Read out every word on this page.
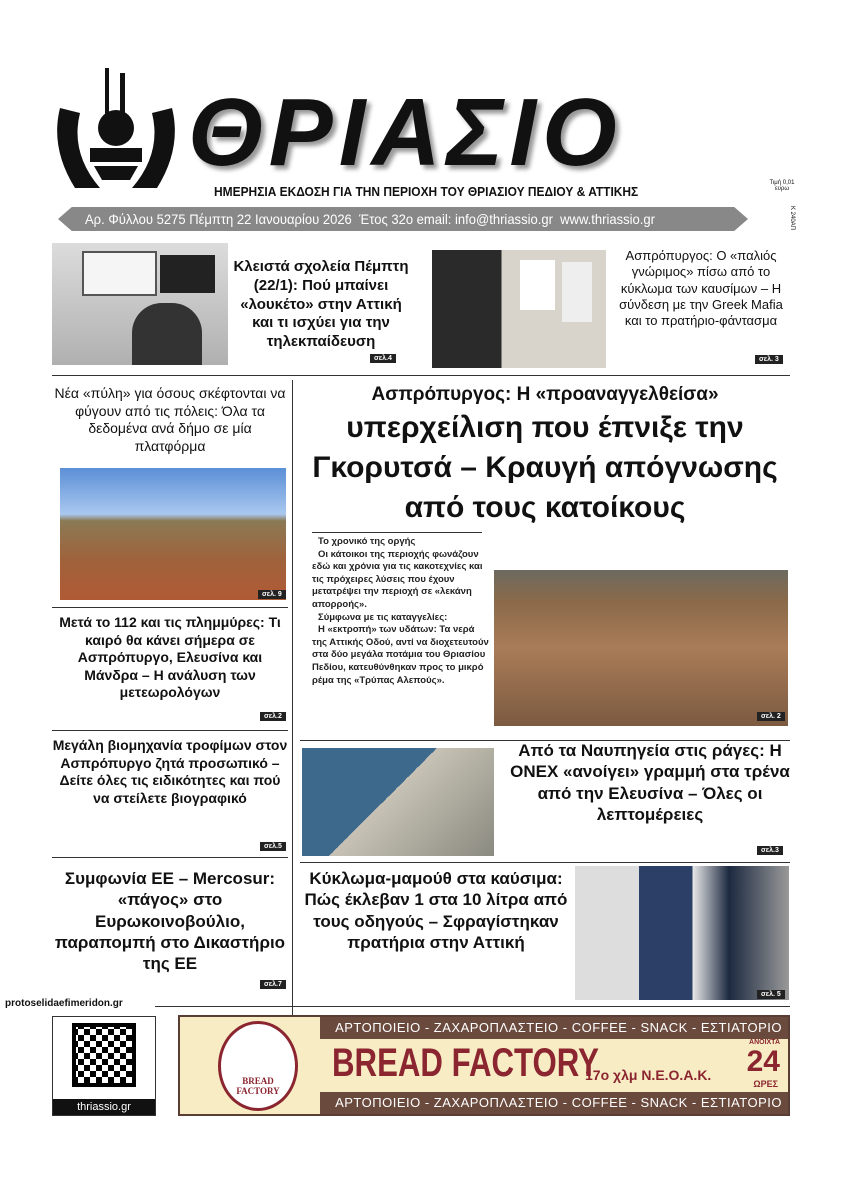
ΘΡΙΑΣΙΟ
ΗΜΕΡΗΣΙΑ ΕΚΔΟΣΗ ΓΙΑ ΤΗΝ ΠΕΡΙΟΧΗ ΤΟΥ ΘΡΙΑΣΙΟΥ ΠΕΔΙΟΥ & ΑΤΤΙΚΗΣ
Τιμή 0,01 ευρω
Κ 240ΑΠ
Αρ. Φύλλου 5275 Πέμπτη 22 Ιανουαρίου 2026  Έτος 32ο email: info@thriassio.gr  www.thriassio.gr
σελ.4
Κλειστά σχολεία Πέμπτη (22/1): Πού μπαίνει «λουκέτο» στην Αττική και τι ισχύει για την τηλεκπαίδευση
Ασπρόπυργος: Ο «παλιός γνώριμος» πίσω από το κύκλωμα των καυσίμων – Η σύνδεση με την Greek Mafia και το πρατήριο-φάντασμα
σελ. 3
Νέα «πύλη» για όσους σκέφτονται να φύγουν από τις πόλεις: Όλα τα δεδομένα ανά δήμο σε μία πλατφόρμα
σελ. 9
Μετά το 112 και τις πλημμύρες: Τι καιρό θα κάνει σήμερα σε Ασπρόπυργο, Ελευσίνα και Μάνδρα – Η ανάλυση των μετεωρολόγων
σελ.2
Μεγάλη βιομηχανία τροφίμων στον Ασπρόπυργο ζητά προσωπικό – Δείτε όλες τις ειδικότητες και πού να στείλετε βιογραφικό
σελ.5
Συμφωνία ΕΕ – Mercosur: «πάγος» στο Ευρωκοινοβούλιο, παραπομπή στο Δικαστήριο της ΕΕ
σελ.7
Ασπρόπυργος: Η «προαναγγελθείσα»
υπερχείλιση που έπνιξε την Γκορυτσά – Κραυγή απόγνωσης από τους κατοίκους

Το χρονικό της οργής

Οι κάτοικοι της περιοχής φωνάζουν εδώ και χρόνια για τις κακοτεχνίες και τις πρόχειρες λύσεις που έχουν μετατρέψει την περιοχή σε «λεκάνη απορροής».

Σύμφωνα με τις καταγγελίες:

Η «εκτροπή» των υδάτων: Τα νερά της Αττικής Οδού, αντί να διοχετευτούν στα δύο μεγάλα ποτάμια του Θριασίου Πεδίου, κατευθύνθηκαν προς το μικρό ρέμα της «Τρύπας Αλεπούς».

σελ. 2
Από τα Ναυπηγεία στις ράγες: Η ONEX «ανοίγει» γραμμή στα τρένα από την Ελευσίνα – Όλες οι λεπτομέρειες
σελ.3
Κύκλωμα-μαμούθ στα καύσιμα: Πώς έκλεβαν 1 στα 10 λίτρα από τους οδηγούς – Σφραγίστηκαν πρατήρια στην Αττική
σελ. 5
protoselidaefimeridon.gr
thriassio.gr
ΑΡΤΟΠΟΙΕΙΟ - ΖΑΧΑΡΟΠΛΑΣΤΕΙΟ - COFFEE - SNACK - ΕΣΤΙΑΤΟΡΙΟ
ΑΡΤΟΠΟΙΕΙΟ - ΖΑΧΑΡΟΠΛΑΣΤΕΙΟ - COFFEE - SNACK - ΕΣΤΙΑΤΟΡΙΟ
BREAD FACTORY
BREAD FACTORY
17ο χλμ Ν.Ε.Ο.Α.Κ.
ΑΝΟΙΧΤΑ
24
ΩΡΕΣ
